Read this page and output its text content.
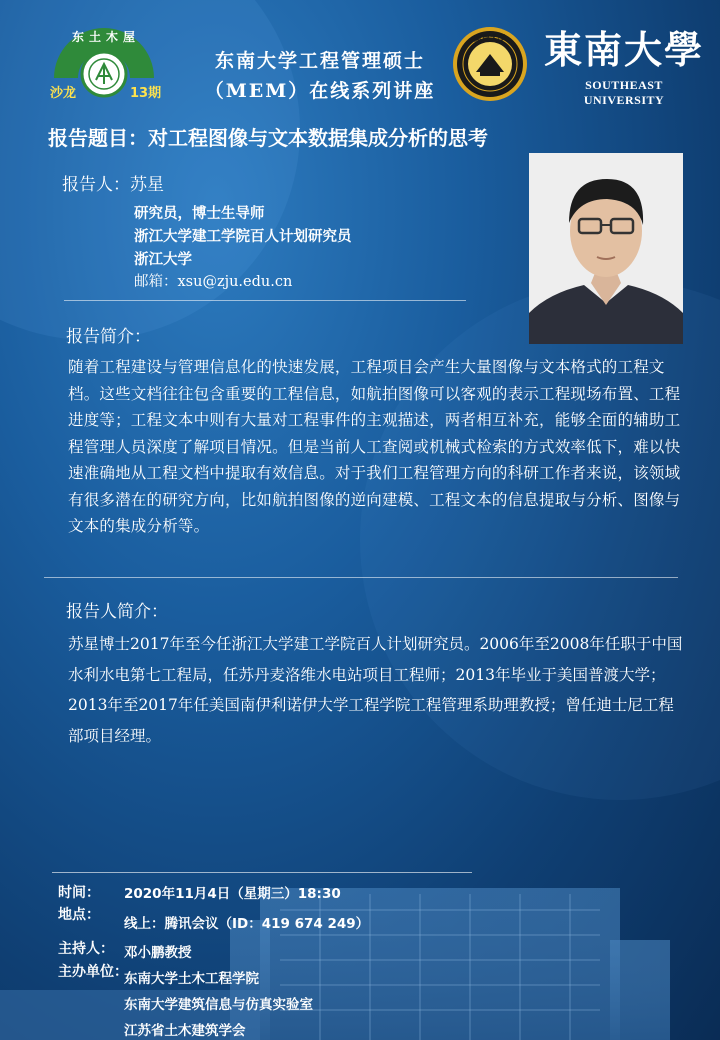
东土木屋
沙龙	13期
东南大学工程管理硕士
（MEM）在线系列讲座
東南大學 東南大學
SOUTHEAST UNIVERSITY
报告题目：对工程图像与文本数据集成分析的思考
报告人：苏星
研究员，博士生导师
浙江大学建工学院百人计划研究员
浙江大学
邮箱：xsu@zju.edu.cn
报告简介：
随着工程建设与管理信息化的快速发展，工程项目会产生大量图像与文本格式的工程文档。这些文档往往包含重要的工程信息，如航拍图像可以客观的表示工程现场布置、工程进度等；工程文本中则有大量对工程事件的主观描述，两者相互补充，能够全面的辅助工程管理人员深度了解项目情况。但是当前人工查阅或机械式检索的方式效率低下，难以快速准确地从工程文档中提取有效信息。对于我们工程管理方向的科研工作者来说，该领域有很多潜在的研究方向，比如航拍图像的逆向建模、工程文本的信息提取与分析、图像与文本的集成分析等。
报告人简介：
苏星博士2017年至今任浙江大学建工学院百人计划研究员。2006年至2008年任职于中国水利水电第七工程局，任苏丹麦洛维水电站项目工程师；2013年毕业于美国普渡大学； 2013年至2017年任美国南伊利诺伊大学工程学院工程管理系助理教授；曾任迪士尼工程部项目经理。
时间： 2020年11月4日（星期三）18:30
地点：
线上：腾讯会议（ID：419 674 249）
主持人： 邓小鹏教授
主办单位：
东南大学土木工程学院
东南大学建筑信息与仿真实验室
江苏省土木建筑学会
